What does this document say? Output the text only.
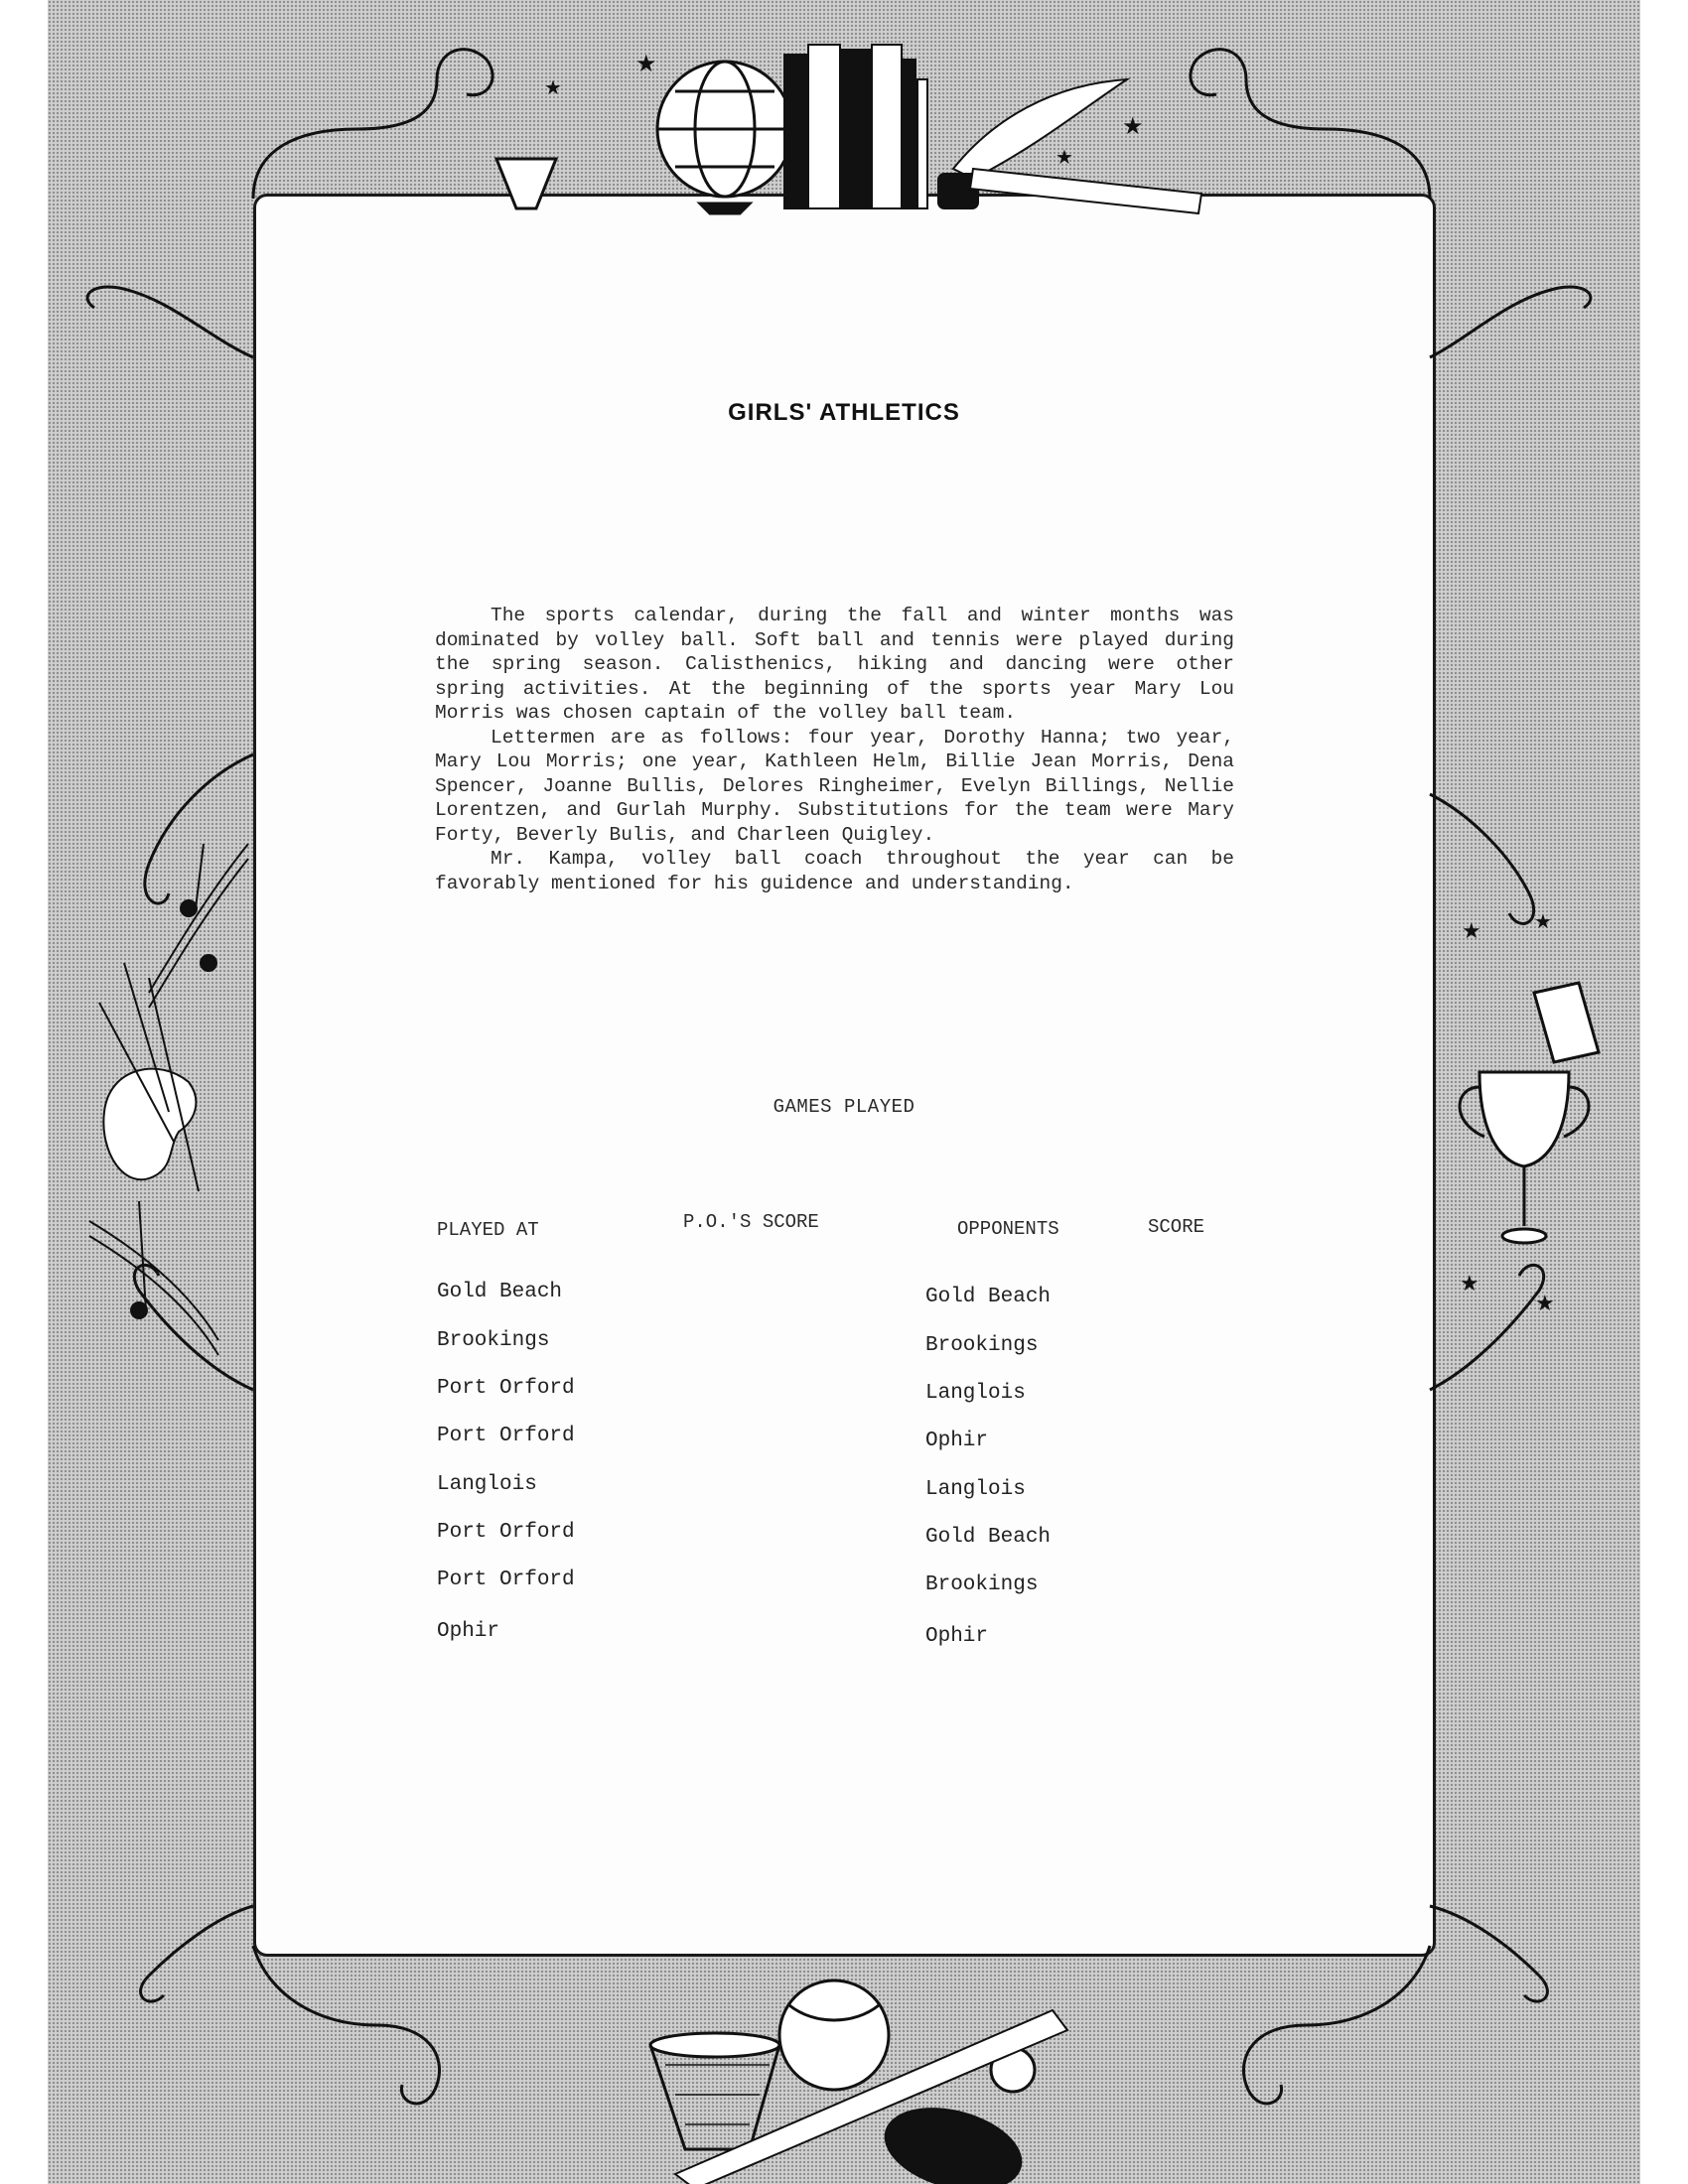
★
★
★
★
★	★
★
★
GIRLS' ATHLETICS

The sports calendar, during the fall and winter months was dominated by volley ball. Soft ball and tennis were played during the spring season. Calisthenics, hiking and dancing were other spring activities. At the beginning of the sports year Mary Lou Morris was chosen captain of the volley ball team.

Lettermen are as follows: four year, Dorothy Hanna; two year, Mary Lou Morris; one year, Kathleen Helm, Billie Jean Morris, Dena Spencer, Joanne Bullis, Delores Ringheimer, Evelyn Billings, Nellie Lorentzen, and Gurlah Murphy. Substitutions for the team were Mary Forty, Beverly Bulis, and Charleen Quigley.

Mr. Kampa, volley ball coach throughout the year can be favorably mentioned for his guidence and understanding.

GAMES PLAYED
PLAYED AT	P.O.'S SCORE	OPPONENTS	SCORE
Gold Beach	Gold Beach
Brookings	Brookings
Port Orford	Langlois
Port Orford	Ophir
Langlois	Langlois
Port Orford	Gold Beach
Port Orford	Brookings
Ophir	Ophir
